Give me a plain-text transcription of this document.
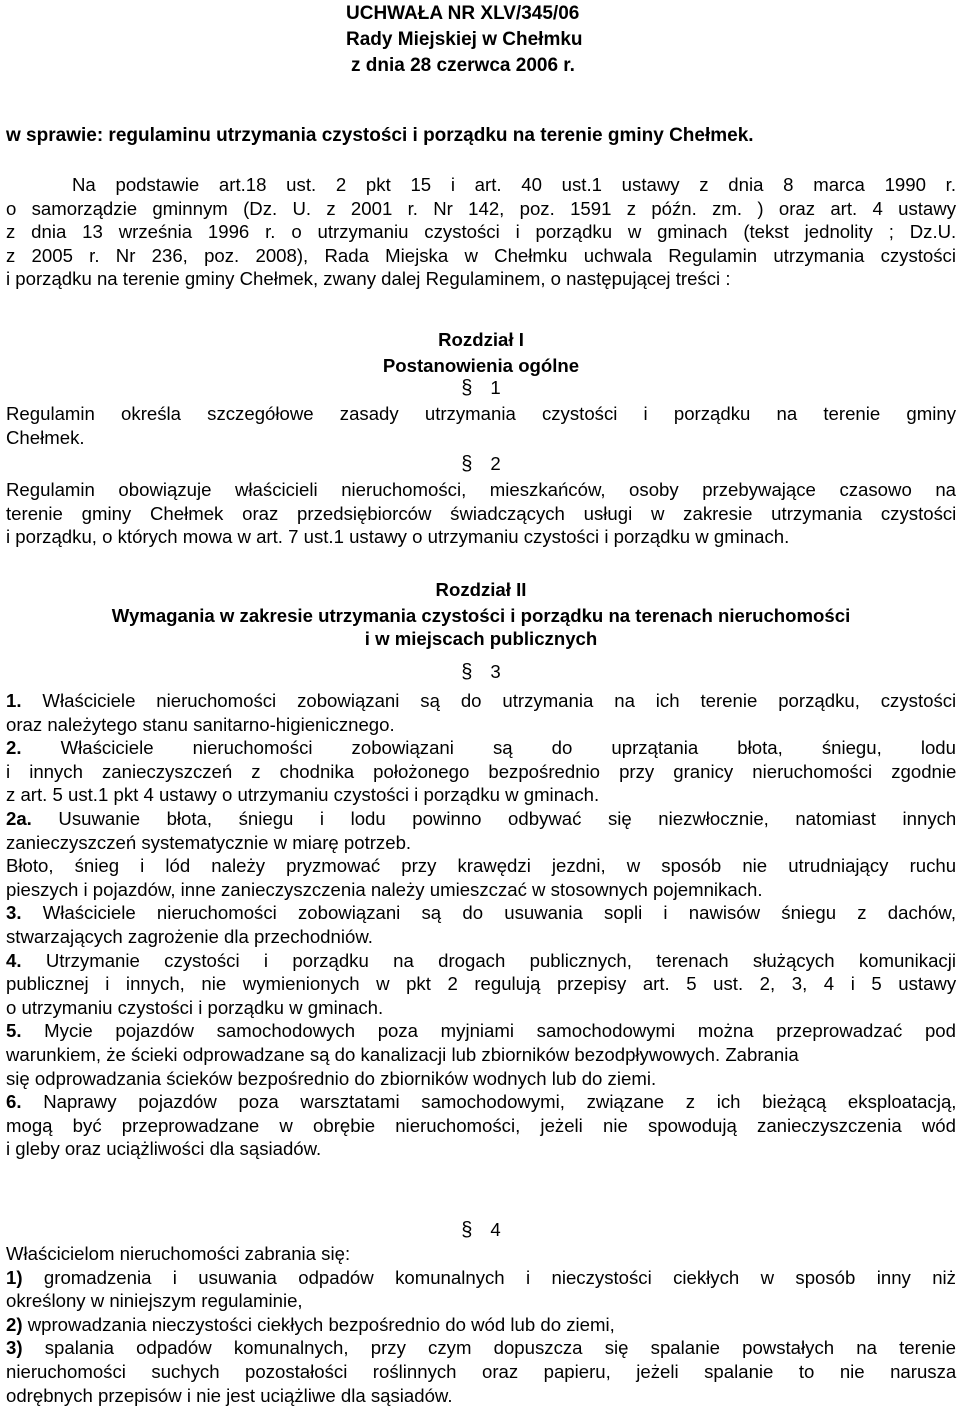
UCHWAŁA NR XLV/345/06
Rady Miejskiej w Chełmku
z dnia 28 czerwca 2006 r.
w sprawie: regulaminu utrzymania czystości i porządku na terenie gminy Chełmek.
Na podstawie art.18 ust. 2 pkt 15 i art. 40 ust.1 ustawy z dnia 8 marca 1990 r.
o samorządzie gminnym (Dz. U. z 2001 r. Nr 142, poz. 1591 z późn. zm. ) oraz art. 4 ustawy
z dnia 13 września 1996 r. o utrzymaniu czystości i porządku w gminach (tekst jednolity ; Dz.U.
z 2005 r. Nr 236, poz. 2008), Rada Miejska w Chełmku uchwala Regulamin utrzymania czystości
i porządku na terenie gminy Chełmek, zwany dalej Regulaminem, o następującej treści :
Rozdział I
Postanowienia ogólne
§ 1
Regulamin określa szczegółowe zasady utrzymania czystości i porządku na terenie gminy
Chełmek.
§ 2
Regulamin obowiązuje właścicieli nieruchomości, mieszkańców, osoby przebywające czasowo na
terenie gminy Chełmek oraz przedsiębiorców świadczących usługi w zakresie utrzymania czystości
i porządku, o których mowa w art. 7 ust.1 ustawy o utrzymaniu czystości i porządku w gminach.
Rozdział II
Wymagania w zakresie utrzymania czystości i porządku na terenach nieruchomości
i w miejscach publicznych
§ 3
1. Właściciele nieruchomości zobowiązani są do utrzymania na ich terenie porządku, czystości
oraz należytego stanu sanitarno-higienicznego.
2. Właściciele nieruchomości zobowiązani są do uprzątania błota, śniegu, lodu
i innych zanieczyszczeń z chodnika położonego bezpośrednio przy granicy nieruchomości zgodnie
z art. 5 ust.1 pkt 4 ustawy o utrzymaniu czystości i porządku w gminach.
2a. Usuwanie błota, śniegu i lodu powinno odbywać się niezwłocznie, natomiast innych
zanieczyszczeń systematycznie w miarę potrzeb.
Błoto, śnieg i lód należy pryzmować przy krawędzi jezdni, w sposób nie utrudniający ruchu
pieszych i pojazdów, inne zanieczyszczenia należy umieszczać w stosownych pojemnikach.
3. Właściciele nieruchomości zobowiązani są do usuwania sopli i nawisów śniegu z dachów,
stwarzających zagrożenie dla przechodniów.
4. Utrzymanie czystości i porządku na drogach publicznych, terenach służących komunikacji
publicznej i innych, nie wymienionych w pkt 2 regulują przepisy art. 5 ust. 2, 3, 4 i 5 ustawy
o utrzymaniu czystości i porządku w gminach.
5. Mycie pojazdów samochodowych poza myjniami samochodowymi można przeprowadzać pod
warunkiem, że ścieki odprowadzane są do kanalizacji lub zbiorników bezodpływowych. Zabrania
się odprowadzania ścieków bezpośrednio do zbiorników wodnych lub do ziemi.
6. Naprawy pojazdów poza warsztatami samochodowymi, związane z ich bieżącą eksploatacją,
mogą być przeprowadzane w obrębie nieruchomości, jeżeli nie spowodują zanieczyszczenia wód
i gleby oraz uciążliwości dla sąsiadów.
§ 4
Właścicielom nieruchomości zabrania się:
1) gromadzenia i usuwania odpadów komunalnych i nieczystości ciekłych w sposób inny niż
określony w niniejszym regulaminie,
2) wprowadzania nieczystości ciekłych bezpośrednio do wód lub do ziemi,
3) spalania odpadów komunalnych, przy czym dopuszcza się spalanie powstałych na terenie
nieruchomości suchych pozostałości roślinnych oraz papieru, jeżeli spalanie to nie narusza
odrębnych przepisów i nie jest uciążliwe dla sąsiadów.
